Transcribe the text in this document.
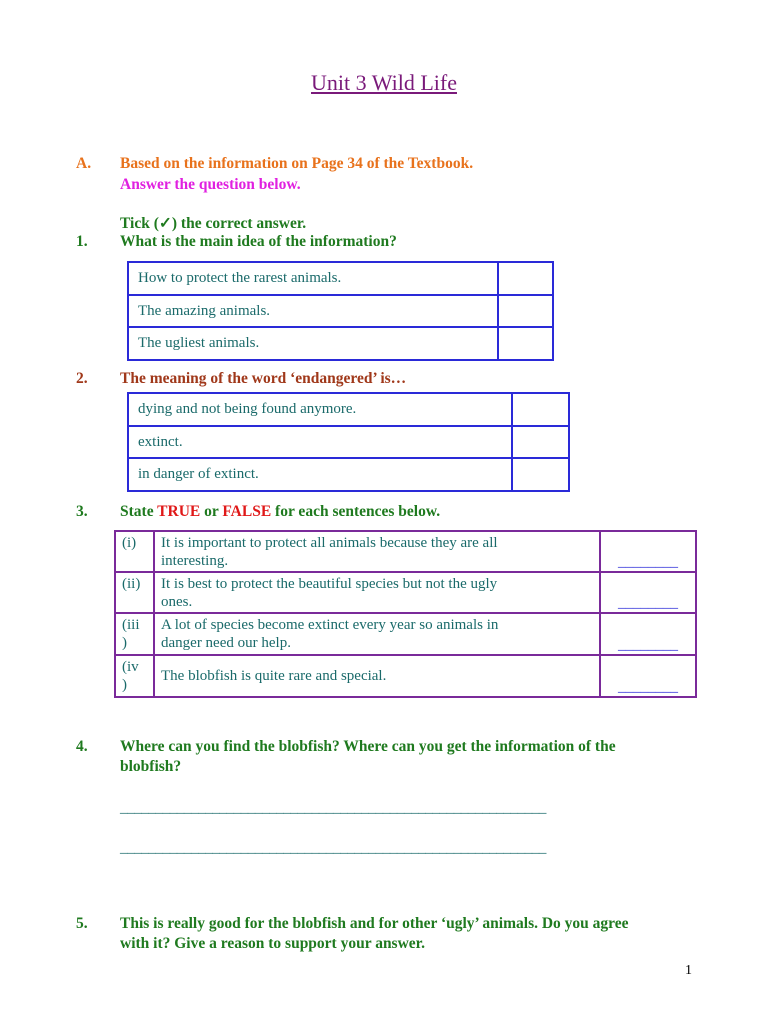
Unit 3 Wild Life
A. Based on the information on Page 34 of the Textbook.
Answer the question below.
Tick (✓) the correct answer.
1. What is the main idea of the information?
How to protect the rarest animals.	
The amazing animals.	
The ugliest animals.	
2. The meaning of the word ‘endangered’ is…
dying and not being found anymore.	
extinct.	
in danger of extinct.	
3. State TRUE or FALSE for each sentences below.
(i)	It is important to protect all animals because they are all
interesting.	________
(ii)	It is best to protect the beautiful species but not the ugly
ones.	________
(iii
)	A lot of species become extinct every year so animals in
danger need our help.	________
(iv
)	The blobfish is quite rare and special.	________
4. Where can you find the blobfish? Where can you get the information of the
blobfish?
____________________________________________________________
____________________________________________________________
5. This is really good for the blobfish and for other ‘ugly’ animals. Do you agree
with it? Give a reason to support your answer.
1
